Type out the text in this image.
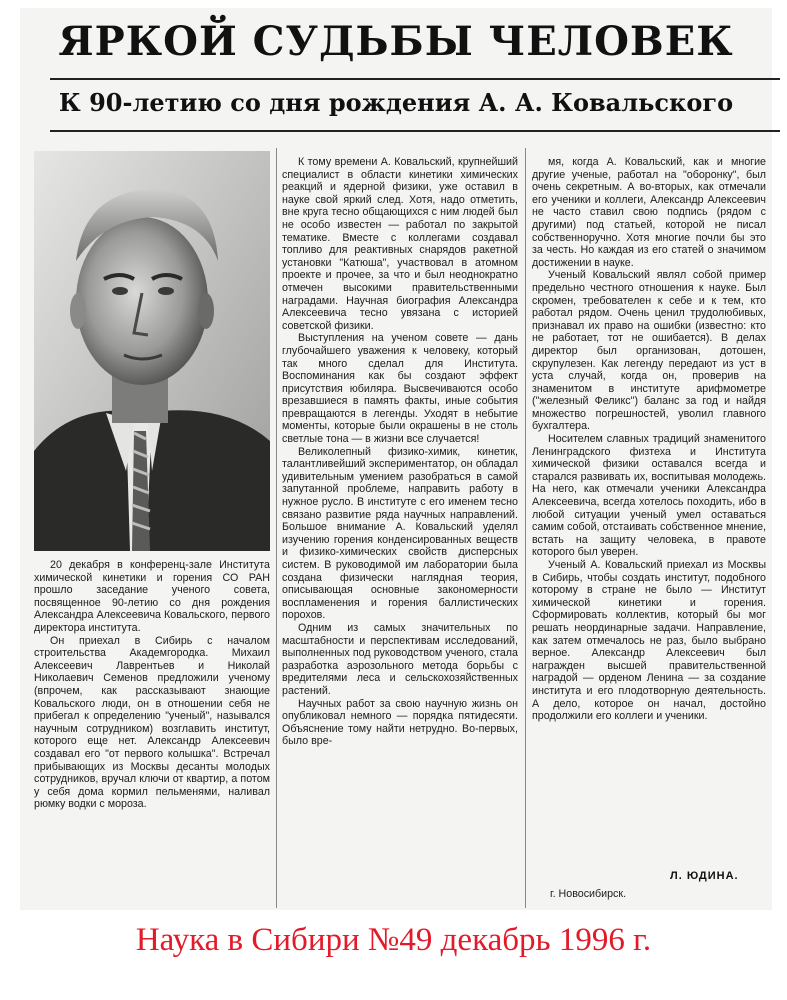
ЯРКОЙ СУДЬБЫ ЧЕЛОВЕК
К 90-летию со дня рождения А. А. Ковальского

20 декабря в конференц-зале Института химической кинетики и горения СО РАН прошло заседание ученого совета, посвященное 90-летию со дня рождения Александра Алексеевича Ковальского, первого директора института.

Он приехал в Сибирь с началом строительства Академгородка. Михаил Алексеевич Лаврентьев и Николай Николаевич Семенов предложили ученому (впрочем, как рассказывают знающие Ковальского люди, он в отношении себя не прибегал к определению "ученый", назывался научным сотрудником) возглавить институт, которого еще нет. Александр Алексеевич создавал его "от первого колышка". Встречал прибывающих из Москвы десанты молодых сотрудников, вручал ключи от квартир, а потом у себя дома кормил пельменями, наливал рюмку водки с мороза.

К тому времени А. Ковальский, крупнейший специалист в области кинетики химических реакций и ядерной физики, уже оставил в науке свой яркий след. Хотя, надо отметить, вне круга тесно общающихся с ним людей был не особо известен — работал по закрытой тематике. Вместе с коллегами создавал топливо для реактивных снарядов ракетной установки "Катюша", участвовал в атомном проекте и прочее, за что и был неоднократно отмечен высокими правительственными наградами. Научная биография Александра Алексеевича тесно увязана с историей советской физики.

Выступления на ученом совете — дань глубочайшего уважения к человеку, который так много сделал для Института. Воспоминания как бы создают эффект присутствия юбиляра. Высвечиваются особо врезавшиеся в память факты, иные события превращаются в легенды. Уходят в небытие моменты, которые были окрашены в не столь светлые тона — в жизни все случается!

Великолепный физико-химик, кинетик, талантливейший экспериментатор, он обладал удивительным умением разобраться в самой запутанной проблеме, направить работу в нужное русло. В институте с его именем тесно связано развитие ряда научных направлений. Большое внимание А. Ковальский уделял изучению горения конденсированных веществ и физико-химических свойств дисперсных систем. В руководимой им лаборатории была создана физически наглядная теория, описывающая основные закономерности воспламенения и горения баллистических порохов.

Одним из самых значительных по масштабности и перспективам исследований, выполненных под руководством ученого, стала разработка аэрозольного метода борьбы с вредителями леса и сельскохозяйственных растений.

Научных работ за свою научную жизнь он опубликовал немного — порядка пятидесяти. Объяснение тому найти нетрудно. Во-первых, было вре-

мя, когда А. Ковальский, как и многие другие ученые, работал на "оборонку", был очень секретным. А во-вторых, как отмечали его ученики и коллеги, Александр Алексеевич не часто ставил свою подпись (рядом с другими) под статьей, которой не писал собственноручно. Хотя многие почли бы это за честь. Но каждая из его статей о значимом достижении в науке.

Ученый Ковальский являл собой пример предельно честного отношения к науке. Был скромен, требователен к себе и к тем, кто работал рядом. Очень ценил трудолюбивых, признавал их право на ошибки (известно: кто не работает, тот не ошибается). В делах директор был организован, дотошен, скрупулезен. Как легенду передают из уст в уста случай, когда он, проверив на знаменитом в институте арифмометре ("железный Феликс") баланс за год и найдя множество погрешностей, уволил главного бухгалтера.

Носителем славных традиций знаменитого Ленинградского физтеха и Института химической физики оставался всегда и старался развивать их, воспитывая молодежь. На него, как отмечали ученики Александра Алексеевича, всегда хотелось походить, ибо в любой ситуации ученый умел оставаться самим собой, отстаивать собственное мнение, встать на защиту человека, в правоте которого был уверен.

Ученый А. Ковальский приехал из Москвы в Сибирь, чтобы создать институт, подобного которому в стране не было — Институт химической кинетики и горения. Сформировать коллектив, который бы мог решать неординарные задачи. Направление, как затем отмечалось не раз, было выбрано верное. Александр Алексеевич был награжден высшей правительственной наградой — орденом Ленина — за создание института и его плодотворную деятельность. А дело, которое он начал, достойно продолжили его коллеги и ученики.

Л. ЮДИНА.
г. Новосибирск.
Наука в Сибири №49 декабрь 1996 г.
